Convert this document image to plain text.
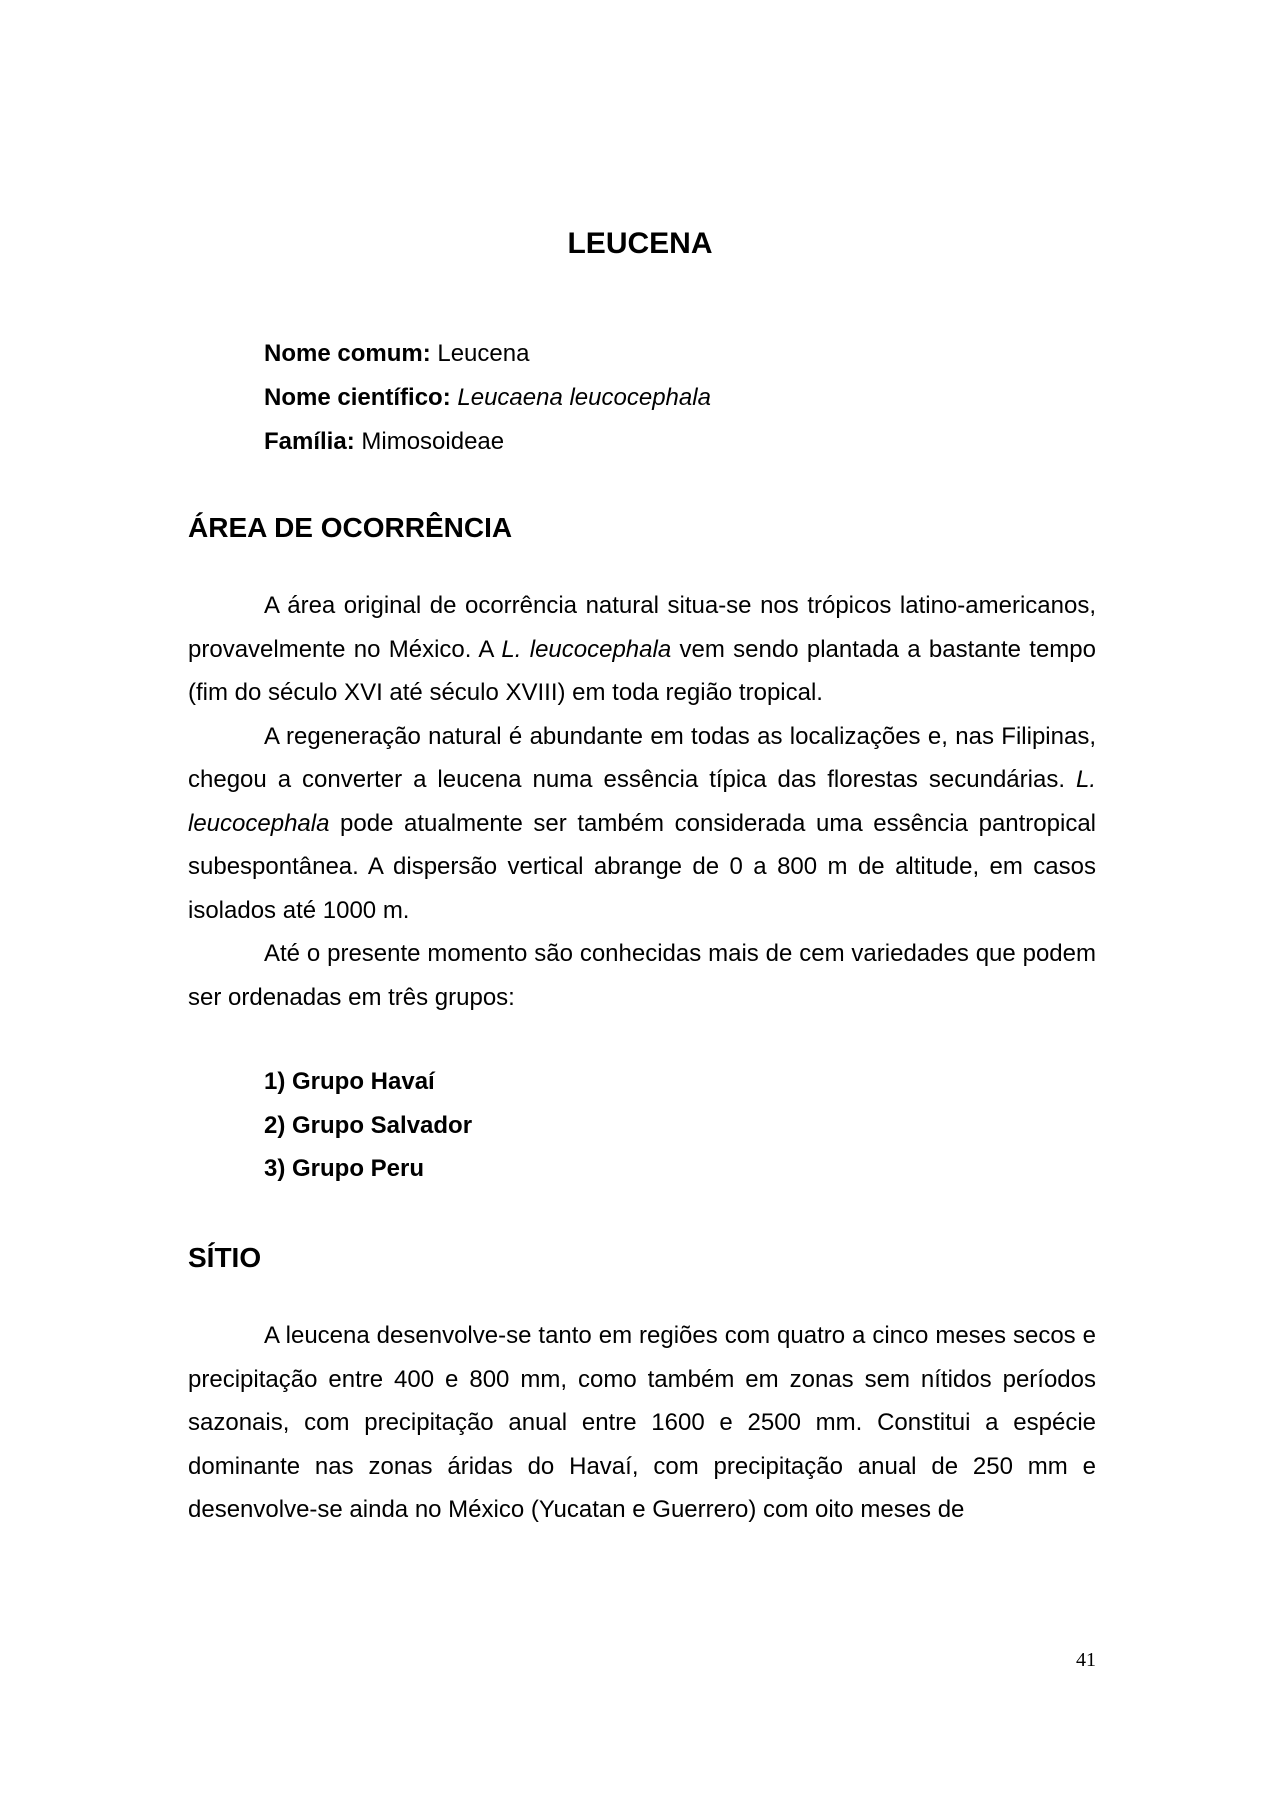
LEUCENA
Nome comum: Leucena
Nome científico: Leucaena leucocephala
Família: Mimosoideae
ÁREA DE OCORRÊNCIA

A área original de ocorrência natural situa-se nos trópicos latino-americanos, provavelmente no México. A L. leucocephala vem sendo plantada a bastante tempo (fim do século XVI até século XVIII) em toda região tropical.

A regeneração natural é abundante em todas as localizações e, nas Filipinas, chegou a converter a leucena numa essência típica das florestas secundárias. L. leucocephala pode atualmente ser também considerada uma essência pantropical subespontânea. A dispersão vertical abrange de 0 a 800 m de altitude, em casos isolados até 1000 m.

Até o presente momento são conhecidas mais de cem variedades que podem ser ordenadas em três grupos:

1) Grupo Havaí
2) Grupo Salvador
3) Grupo Peru
SÍTIO

A leucena desenvolve-se tanto em regiões com quatro a cinco meses secos e precipitação entre 400 e 800 mm, como também em zonas sem nítidos períodos sazonais, com precipitação anual entre 1600 e 2500 mm. Constitui a espécie dominante nas zonas áridas do Havaí, com precipitação anual de 250 mm e desenvolve-se ainda no México (Yucatan e Guerrero) com oito meses de

41
